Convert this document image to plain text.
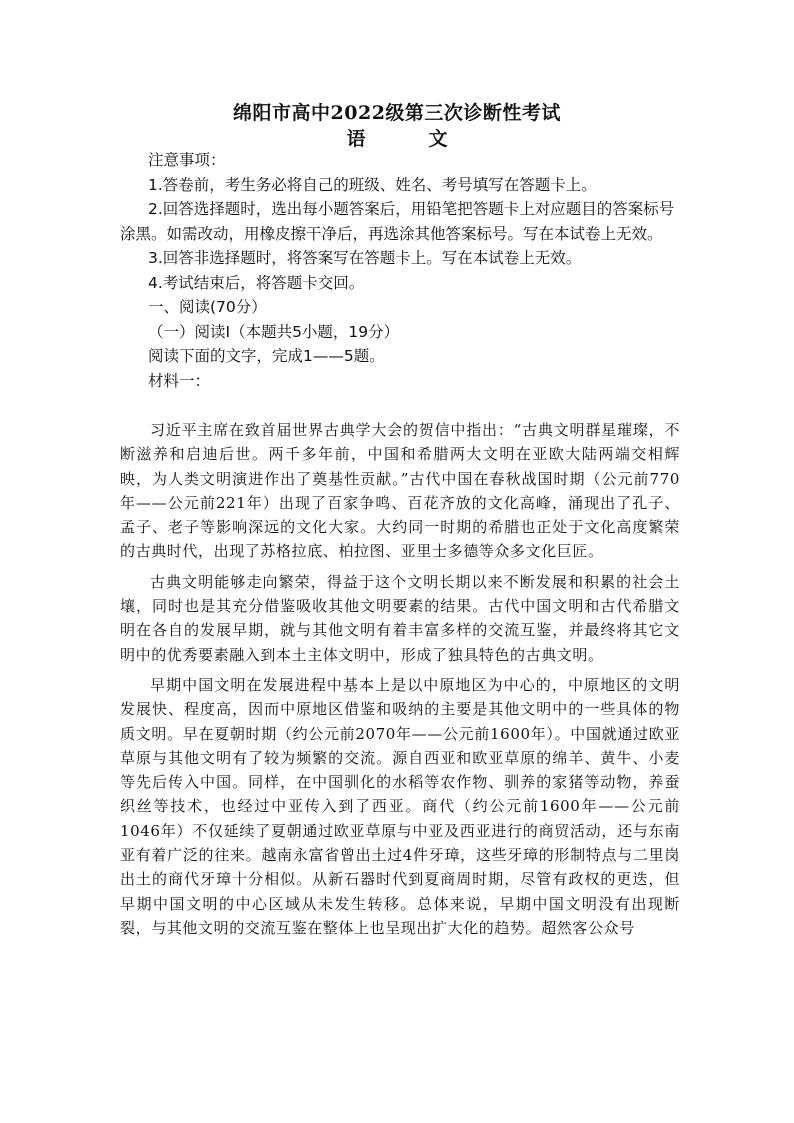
绵阳市高中2022级第三次诊断性考试
语　文

注意事项：

1.答卷前，考生务必将自己的班级、姓名、考号填写在答题卡上。

2.回答选择题时，选出每小题答案后，用铅笔把答题卡上对应题目的答案标号涂黑。如需改动，用橡皮擦干净后，再选涂其他答案标号。写在本试卷上无效。

3.回答非选择题时，将答案写在答题卡上。写在本试卷上无效。

4.考试结束后，将答题卡交回。

一、阅读(70分）

（一）阅读Ⅰ（本题共5小题，19分）

阅读下面的文字，完成1——5题。

材料一：

习近平主席在致首届世界古典学大会的贺信中指出：“古典文明群星璀璨，不断滋养和启迪后世。两千多年前，中国和希腊两大文明在亚欧大陆两端交相辉映，为人类文明演进作出了奠基性贡献。”古代中国在春秋战国时期（公元前770年——公元前221年）出现了百家争鸣、百花齐放的文化高峰，涌现出了孔子、孟子、老子等影响深远的文化大家。大约同一时期的希腊也正处于文化高度繁荣的古典时代，出现了苏格拉底、柏拉图、亚里士多德等众多文化巨匠。

古典文明能够走向繁荣，得益于这个文明长期以来不断发展和积累的社会土壤，同时也是其充分借鉴吸收其他文明要素的结果。古代中国文明和古代希腊文明在各自的发展早期，就与其他文明有着丰富多样的交流互鉴，并最终将其它文明中的优秀要素融入到本土主体文明中，形成了独具特色的古典文明。

早期中国文明在发展进程中基本上是以中原地区为中心的，中原地区的文明发展快、程度高，因而中原地区借鉴和吸纳的主要是其他文明中的一些具体的物质文明。早在夏朝时期（约公元前2070年——公元前1600年）。中国就通过欧亚草原与其他文明有了较为频繁的交流。源自西亚和欧亚草原的绵羊、黄牛、小麦等先后传入中国。同样，在中国驯化的水稻等农作物、驯养的家猪等动物，养蚕织丝等技术，也经过中亚传入到了西亚。商代（约公元前1600年——公元前1046年）不仅延续了夏朝通过欧亚草原与中亚及西亚进行的商贸活动，还与东南亚有着广泛的往来。越南永富省曾出土过4件牙璋，这些牙璋的形制特点与二里岗出土的商代牙璋十分相似。从新石器时代到夏商周时期，尽管有政权的更迭，但早期中国文明的中心区域从未发生转移。总体来说，早期中国文明没有出现断裂，与其他文明的交流互鉴在整体上也呈现出扩大化的趋势。超然客公众号
